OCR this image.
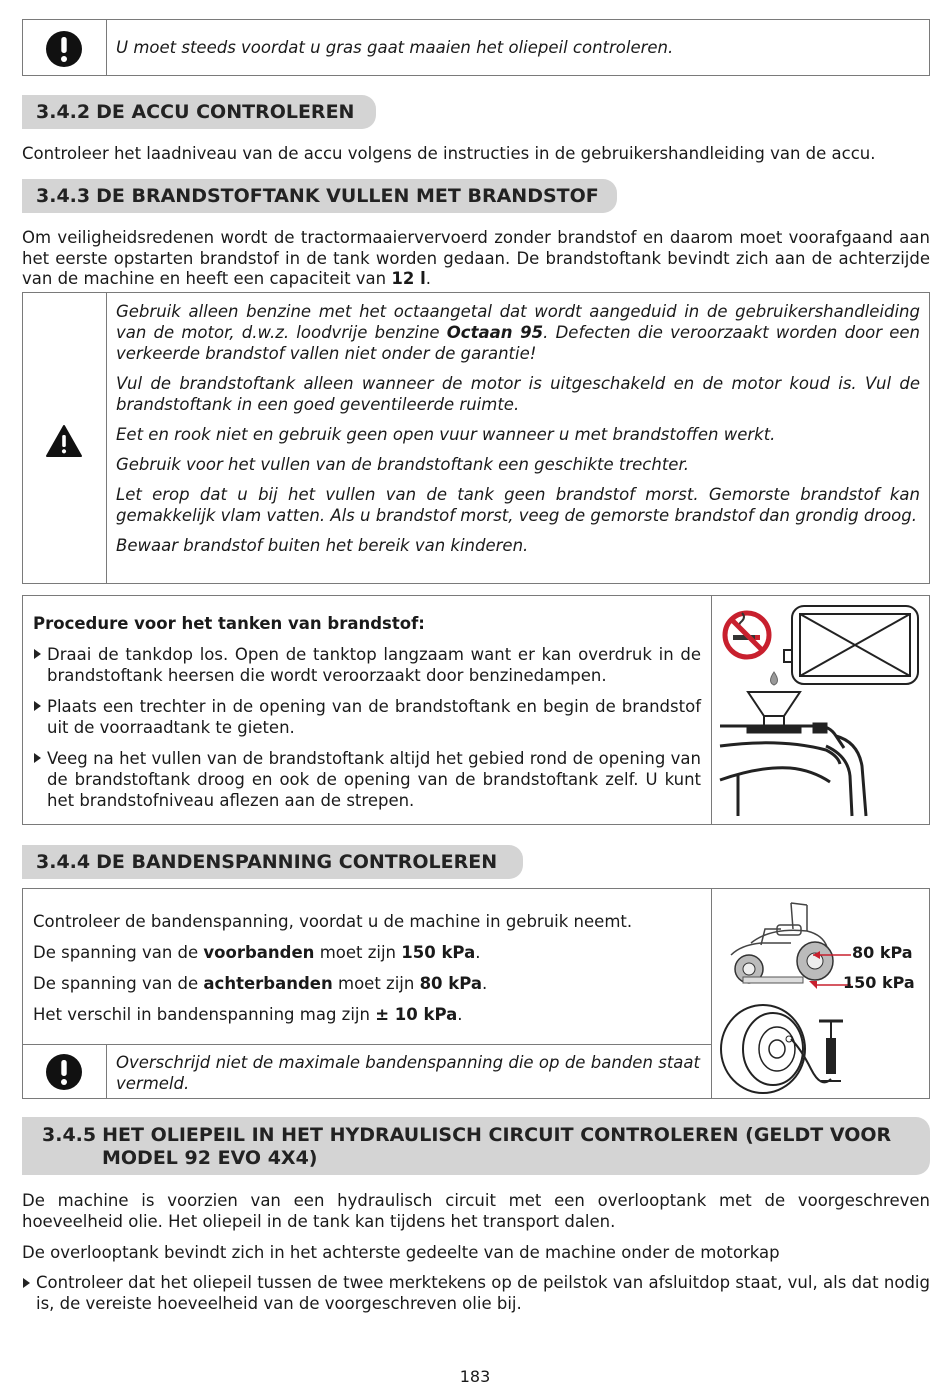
U moet steeds voordat u gras gaat maaien het oliepeil controleren.
3.4.2 DE ACCU CONTROLEREN
Controleer het laadniveau van de accu volgens de instructies in de gebruikershandleiding van de accu.
3.4.3 DE BRANDSTOFTANK VULLEN MET BRANDSTOF
Om veiligheidsredenen wordt de tractormaaiervervoerd zonder brandstof en daarom moet voorafgaand aan het eerste opstarten brandstof in de tank worden gedaan. De brandstoftank bevindt zich aan de achterzijde van de machine en heeft een capaciteit van 12 l.
Gebruik alleen benzine met het octaangetal dat wordt aangeduid in de gebruikershandleiding van de motor, d.w.z. loodvrije benzine Octaan 95. Defecten die veroorzaakt worden door een verkeerde brandstof vallen niet onder de garantie!
Vul de brandstoftank alleen wanneer de motor is uitgeschakeld en de motor koud is. Vul de brandstoftank in een goed geventileerde ruimte.
Eet en rook niet en gebruik geen open vuur wanneer u met brandstoffen werkt.
Gebruik voor het vullen van de brandstoftank een geschikte trechter.
Let erop dat u bij het vullen van de tank geen brandstof morst. Gemorste brandstof kan gemakkelijk vlam vatten. Als u brandstof morst, veeg de gemorste brandstof dan grondig droog.
Bewaar brandstof buiten het bereik van kinderen.
Procedure voor het tanken van brandstof:
Draai de tankdop los. Open de tanktop langzaam want er kan overdruk in de brandstoftank heersen die wordt veroorzaakt door benzinedampen.
Plaats een trechter in de opening van de brandstoftank en begin de brandstof uit de voorraadtank te gieten.
Veeg na het vullen van de brandstoftank altijd het gebied rond de opening van de brandstoftank droog en ook de opening van de brandstoftank zelf. U kunt het brandstofniveau aflezen aan de strepen.
3.4.4 DE BANDENSPANNING CONTROLEREN
Controleer de bandenspanning, voordat u de machine in gebruik neemt.
De spanning van de voorbanden moet zijn 150 kPa.
De spanning van de achterbanden moet zijn 80 kPa.
Het verschil in bandenspanning mag zijn ± 10 kPa.
Overschrijd niet de maximale bandenspanning die op de banden staat vermeld.
80 kPa
150 kPa
3.4.5 HET OLIEPEIL IN HET HYDRAULISCH CIRCUIT CONTROLEREN (GELDT VOOR
MODEL 92 EVO 4X4)
De machine is voorzien van een hydraulisch circuit met een overlooptank met de voorgeschreven hoeveelheid olie. Het oliepeil in de tank kan tijdens het transport dalen.
De overlooptank bevindt zich in het achterste gedeelte van de machine onder de motorkap
Controleer dat het oliepeil tussen de twee merktekens op de peilstok van afsluitdop staat, vul, als dat nodig is, de vereiste hoeveelheid van de voorgeschreven olie bij.
183
